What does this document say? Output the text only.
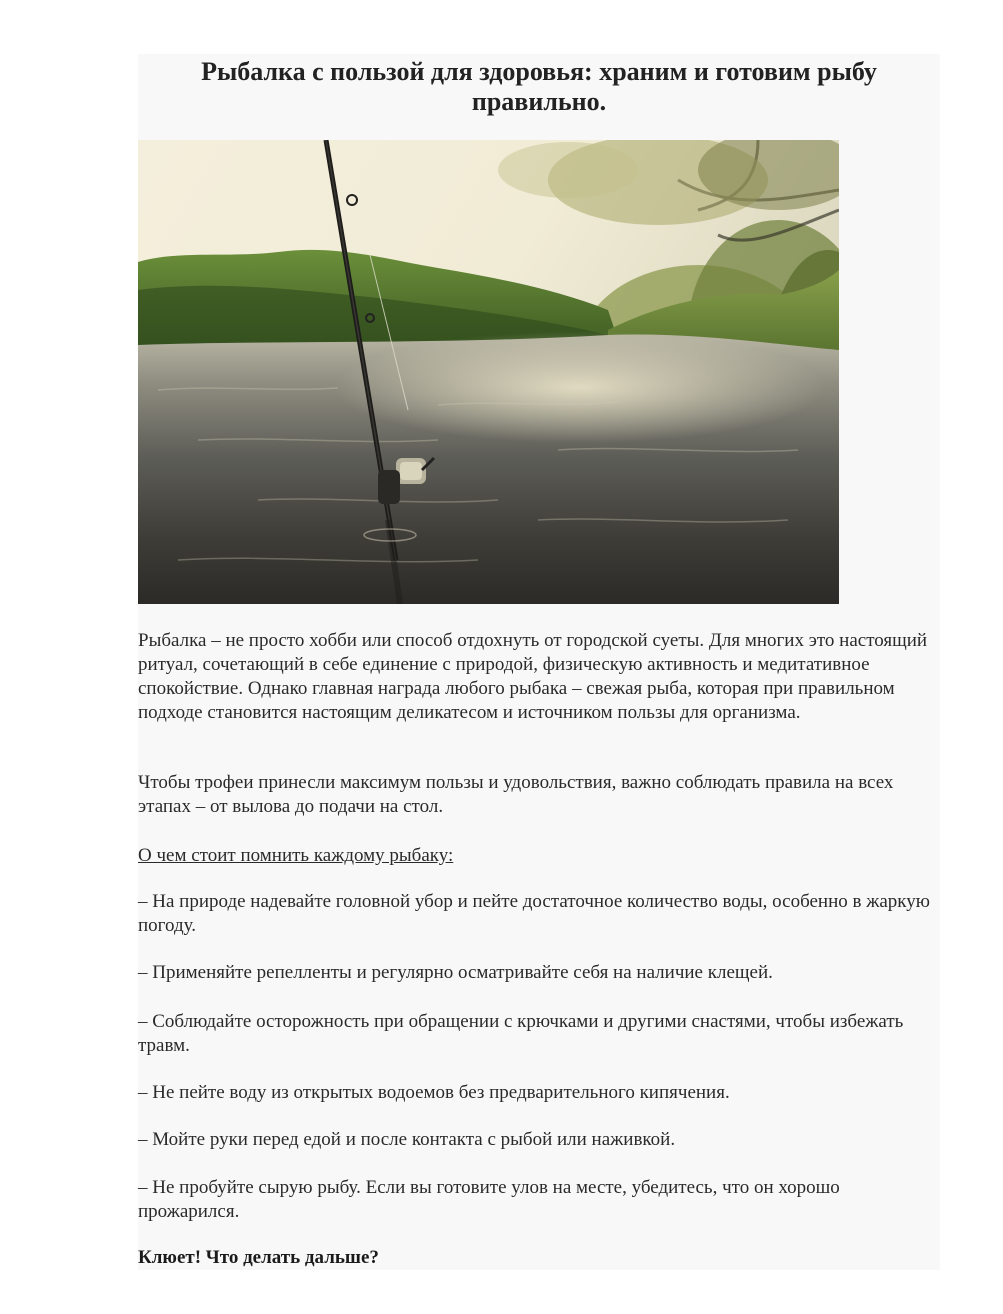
Рыбалка с пользой для здоровья: храним и готовим рыбу правильно.

Рыбалка – не просто хобби или способ отдохнуть от городской суеты. Для многих это настоящий ритуал, сочетающий в себе единение с природой, физическую активность и медитативное спокойствие. Однако главная награда любого рыбака – свежая рыба, которая при правильном подходе становится настоящим деликатесом и источником пользы для организма.

Чтобы трофеи принесли максимум пользы и удовольствия, важно соблюдать правила на всех этапах – от вылова до подачи на стол.

О чем стоит помнить каждому рыбаку:

– На природе надевайте головной убор и пейте достаточное количество воды, особенно в жаркую погоду.

– Применяйте репелленты и регулярно осматривайте себя на наличие клещей.

– Соблюдайте осторожность при обращении с крючками и другими снастями, чтобы избежать травм.

– Не пейте воду из открытых водоемов без предварительного кипячения.

– Мойте руки перед едой и после контакта с рыбой или наживкой.

– Не пробуйте сырую рыбу. Если вы готовите улов на месте, убедитесь, что он хорошо прожарился.

Клюет! Что делать дальше?
